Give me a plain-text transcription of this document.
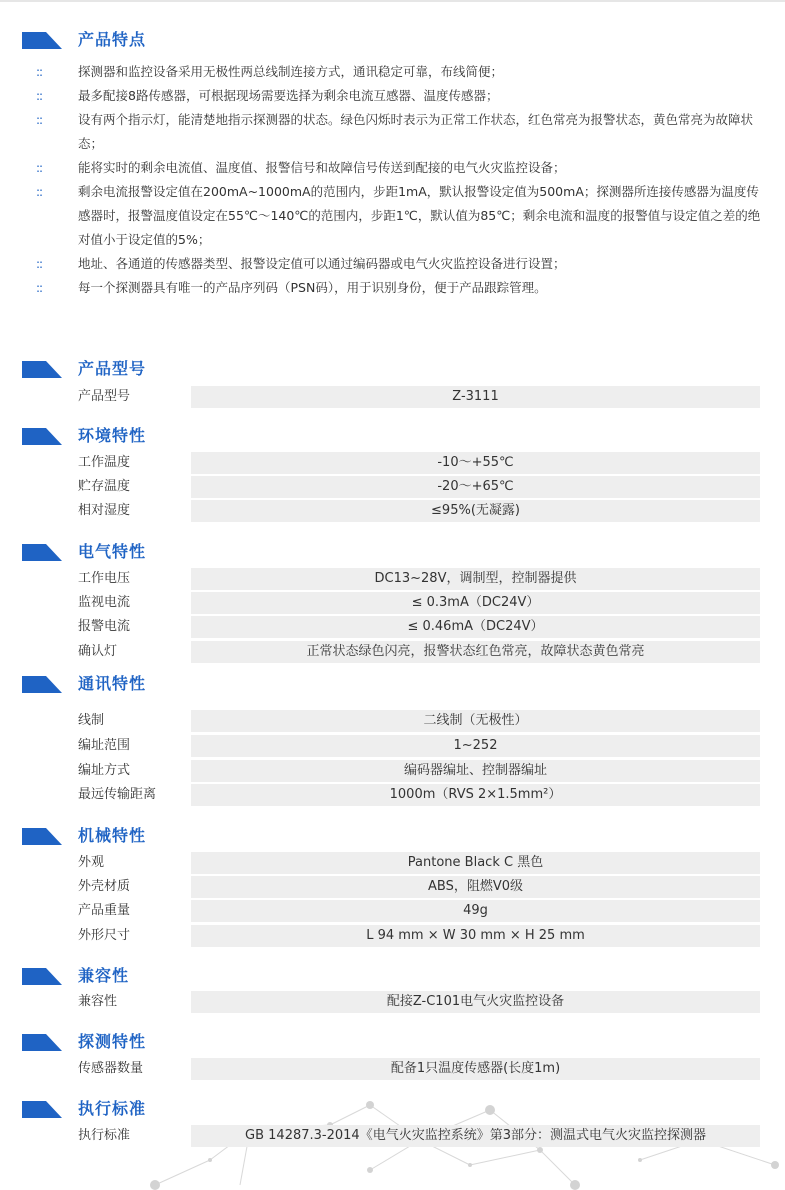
产品特点
::	探测器和监控设备采用无极性两总线制连接方式，通讯稳定可靠，布线简便；
::	最多配接8路传感器，可根据现场需要选择为剩余电流互感器、温度传感器；
::	设有两个指示灯，能清楚地指示探测器的状态。绿色闪烁时表示为正常工作状态，红色常亮为报警状态，黄色常亮为故障状态；
::	能将实时的剩余电流值、温度值、报警信号和故障信号传送到配接的电气火灾监控设备；
::	剩余电流报警设定值在200mA~1000mA的范围内，步距1mA，默认报警设定值为500mA；探测器所连接传感器为温度传感器时，报警温度值设定在55℃～140℃的范围内，步距1℃，默认值为85℃；剩余电流和温度的报警值与设定值之差的绝对值小于设定值的5%；
::	地址、各通道的传感器类型、报警设定值可以通过编码器或电气火灾监控设备进行设置；
::	每一个探测器具有唯一的产品序列码（PSN码），用于识别身份，便于产品跟踪管理。
产品型号
产品型号	Z-3111
环境特性
工作温度	-10～+55℃
贮存温度	-20～+65℃
相对湿度	≤95%(无凝露)
电气特性
工作电压	DC13~28V，调制型，控制器提供
监视电流	≤ 0.3mA（DC24V）
报警电流	≤ 0.46mA（DC24V）
确认灯	正常状态绿色闪亮，报警状态红色常亮，故障状态黄色常亮
通讯特性
线制	二线制（无极性）
编址范围	1~252
编址方式	编码器编址、控制器编址
最远传输距离	1000m（RVS 2×1.5mm²）
机械特性
外观	Pantone Black C 黑色
外壳材质	ABS，阻燃V0级
产品重量	49g
外形尺寸	L 94 mm × W 30 mm × H 25 mm
兼容性
兼容性	配接Z-C101电气火灾监控设备
探测特性
传感器数量	配备1只温度传感器(长度1m)
执行标准
执行标准	GB 14287.3-2014《电气火灾监控系统》第3部分：测温式电气火灾监控探测器
